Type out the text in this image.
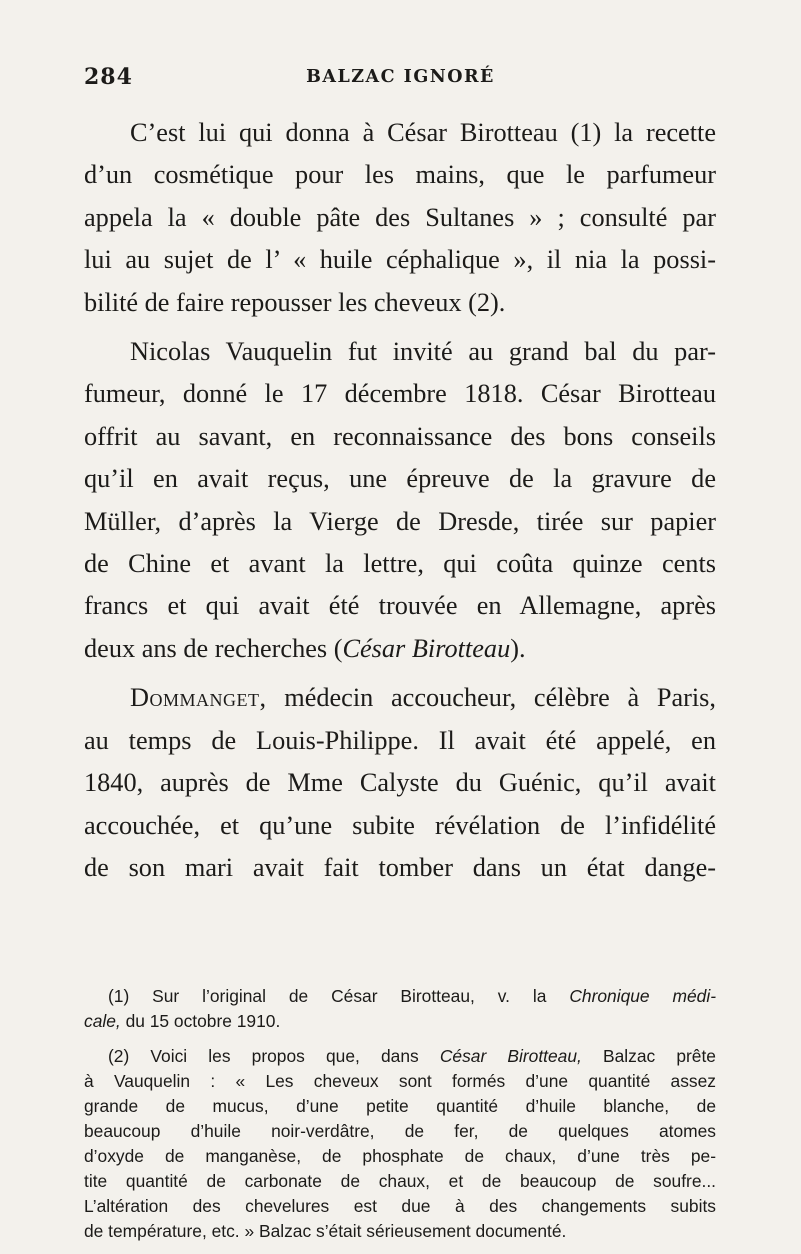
284	BALZAC IGNORÉ

C’est lui qui donna à César Birotteau (1) la recette
d’un cosmétique pour les mains, que le parfumeur
appela la « double pâte des Sultanes » ; consulté par
lui au sujet de l’ « huile céphalique », il nia la possi-
bilité de faire repousser les cheveux (2).

Nicolas Vauquelin fut invité au grand bal du par-
fumeur, donné le 17 décembre 1818. César Birotteau
offrit au savant, en reconnaissance des bons conseils
qu’il en avait reçus, une épreuve de la gravure de
Müller, d’après la Vierge de Dresde, tirée sur papier
de Chine et avant la lettre, qui coûta quinze cents
francs et qui avait été trouvée en Allemagne, après
deux ans de recherches (César Birotteau).

Dommanget, médecin accoucheur, célèbre à Paris,
au temps de Louis-Philippe. Il avait été appelé, en
1840, auprès de Mme Calyste du Guénic, qu’il avait
accouchée, et qu’une subite révélation de l’infidélité
de son mari avait fait tomber dans un état dange-

(1) Sur l’original de César Birotteau, v. la Chronique médi-
cale, du 15 octobre 1910.

(2) Voici les propos que, dans César Birotteau, Balzac prête
à Vauquelin : « Les cheveux sont formés d’une quantité assez
grande de mucus, d’une petite quantité d’huile blanche, de
beaucoup d’huile noir-verdâtre, de fer, de quelques atomes
d’oxyde de manganèse, de phosphate de chaux, d’une très pe-
tite quantité de carbonate de chaux, et de beaucoup de soufre...
L’altération des chevelures est due à des changements subits
de température, etc. » Balzac s’était sérieusement documenté.
